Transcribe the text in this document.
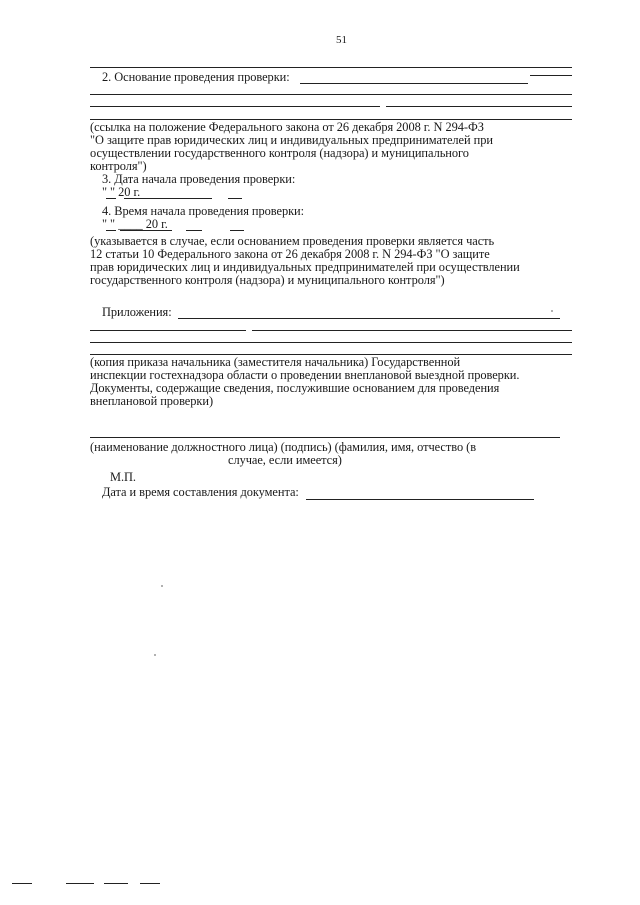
51
2. Основание проведения проверки:
(ссылка на положение Федерального закона от 26 декабря 2008 г. N 294-ФЗ
"О защите прав юридических лиц и индивидуальных предпринимателей при
осуществлении государственного контроля (надзора) и муниципального
контроля")
3. Дата начала проведения проверки:
" " 20 г.
4. Время начала проведения проверки:
" " ____ 20 г.
(указывается в случае, если основанием проведения проверки является часть
12 статьи 10 Федерального закона от 26 декабря 2008 г. N 294-ФЗ "О защите
прав юридических лиц и индивидуальных предпринимателей при осуществлении
государственного контроля (надзора) и муниципального контроля")
Приложения:
(копия приказа начальника (заместителя начальника) Государственной
инспекции гостехнадзора области о проведении внеплановой выездной проверки.
Документы, содержащие сведения, послужившие основанием для проведения
внеплановой проверки)
(наименование должностного лица) (подпись) (фамилия, имя, отчество (в
случае, если имеется)
М.П.
Дата и время составления документа:
